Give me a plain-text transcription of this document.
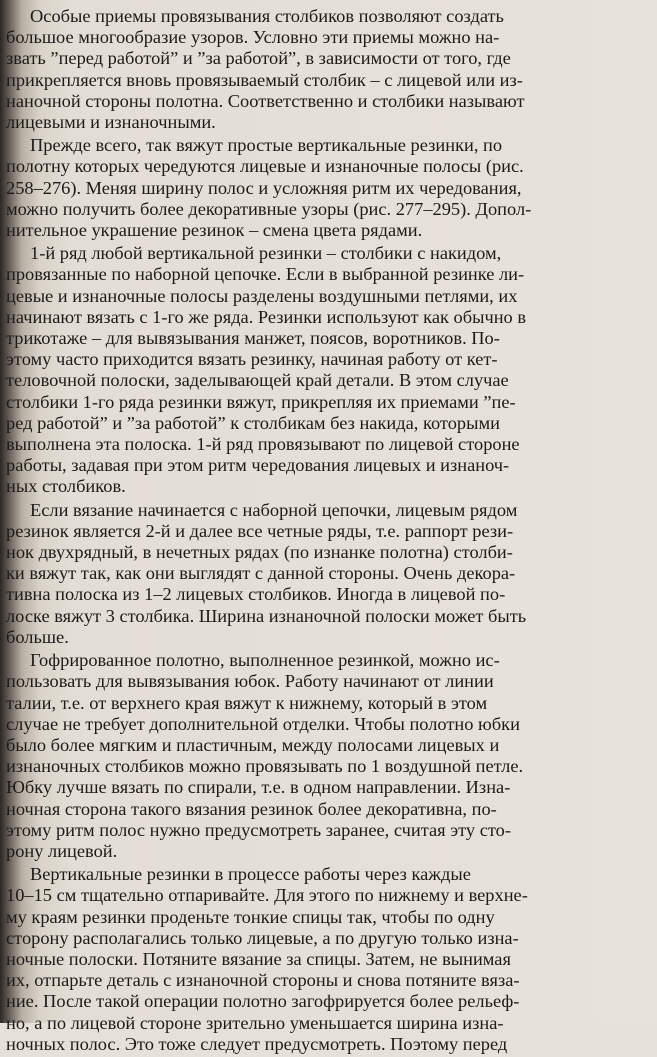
Особые приемы провязывания столбиков позволяют создать
большое многообразие узоров. Условно эти приемы можно на-
звать ”перед работой” и ”за работой”, в зависимости от того, где
прикрепляется вновь провязываемый столбик – с лицевой или из-
наночной стороны полотна. Соответственно и столбики называют
лицевыми и изнаночными.

Прежде всего, так вяжут простые вертикальные резинки, по
полотну которых чередуются лицевые и изнаночные полосы (рис.
258–276). Меняя ширину полос и усложняя ритм их чередования,
можно получить более декоративные узоры (рис. 277–295). Допол-
нительное украшение резинок – смена цвета рядами.

1-й ряд любой вертикальной резинки – столбики с накидом,
провязанные по наборной цепочке. Если в выбранной резинке ли-
цевые и изнаночные полосы разделены воздушными петлями, их
начинают вязать с 1-го же ряда. Резинки используют как обычно в
трикотаже – для вывязывания манжет, поясов, воротников. По-
этому часто приходится вязать резинку, начиная работу от кет-
теловочной полоски, заделывающей край детали. В этом случае
столбики 1-го ряда резинки вяжут, прикрепляя их приемами ”пе-
ред работой” и ”за работой” к столбикам без накида, которыми
выполнена эта полоска. 1-й ряд провязывают по лицевой стороне
работы, задавая при этом ритм чередования лицевых и изнаноч-
ных столбиков.

Если вязание начинается с наборной цепочки, лицевым рядом
резинок является 2-й и далее все четные ряды, т.е. раппорт рези-
нок двухрядный, в нечетных рядах (по изнанке полотна) столби-
ки вяжут так, как они выглядят с данной стороны. Очень декора-
тивна полоска из 1–2 лицевых столбиков. Иногда в лицевой по-
лоске вяжут 3 столбика. Ширина изнаночной полоски может быть
больше.

Гофрированное полотно, выполненное резинкой, можно ис-
пользовать для вывязывания юбок. Работу начинают от линии
талии, т.е. от верхнего края вяжут к нижнему, который в этом
случае не требует дополнительной отделки. Чтобы полотно юбки
было более мягким и пластичным, между полосами лицевых и
изнаночных столбиков можно провязывать по 1 воздушной петле.
Юбку лучше вязать по спирали, т.е. в одном направлении. Изна-
ночная сторона такого вязания резинок более декоративна, по-
этому ритм полос нужно предусмотреть заранее, считая эту сто-
рону лицевой.

Вертикальные резинки в процессе работы через каждые
10–15 см тщательно отпаривайте. Для этого по нижнему и верхне-
му краям резинки проденьте тонкие спицы так, чтобы по одну
сторону располагались только лицевые, а по другую только изна-
ночные полоски. Потяните вязание за спицы. Затем, не вынимая
их, отпарьте деталь с изнаночной стороны и снова потяните вяза-
ние. После такой операции полотно загофрируется более рельеф-
но, а по лицевой стороне зрительно уменьшается ширина изна-
ночных полос. Это тоже следует предусмотреть. Поэтому перед
